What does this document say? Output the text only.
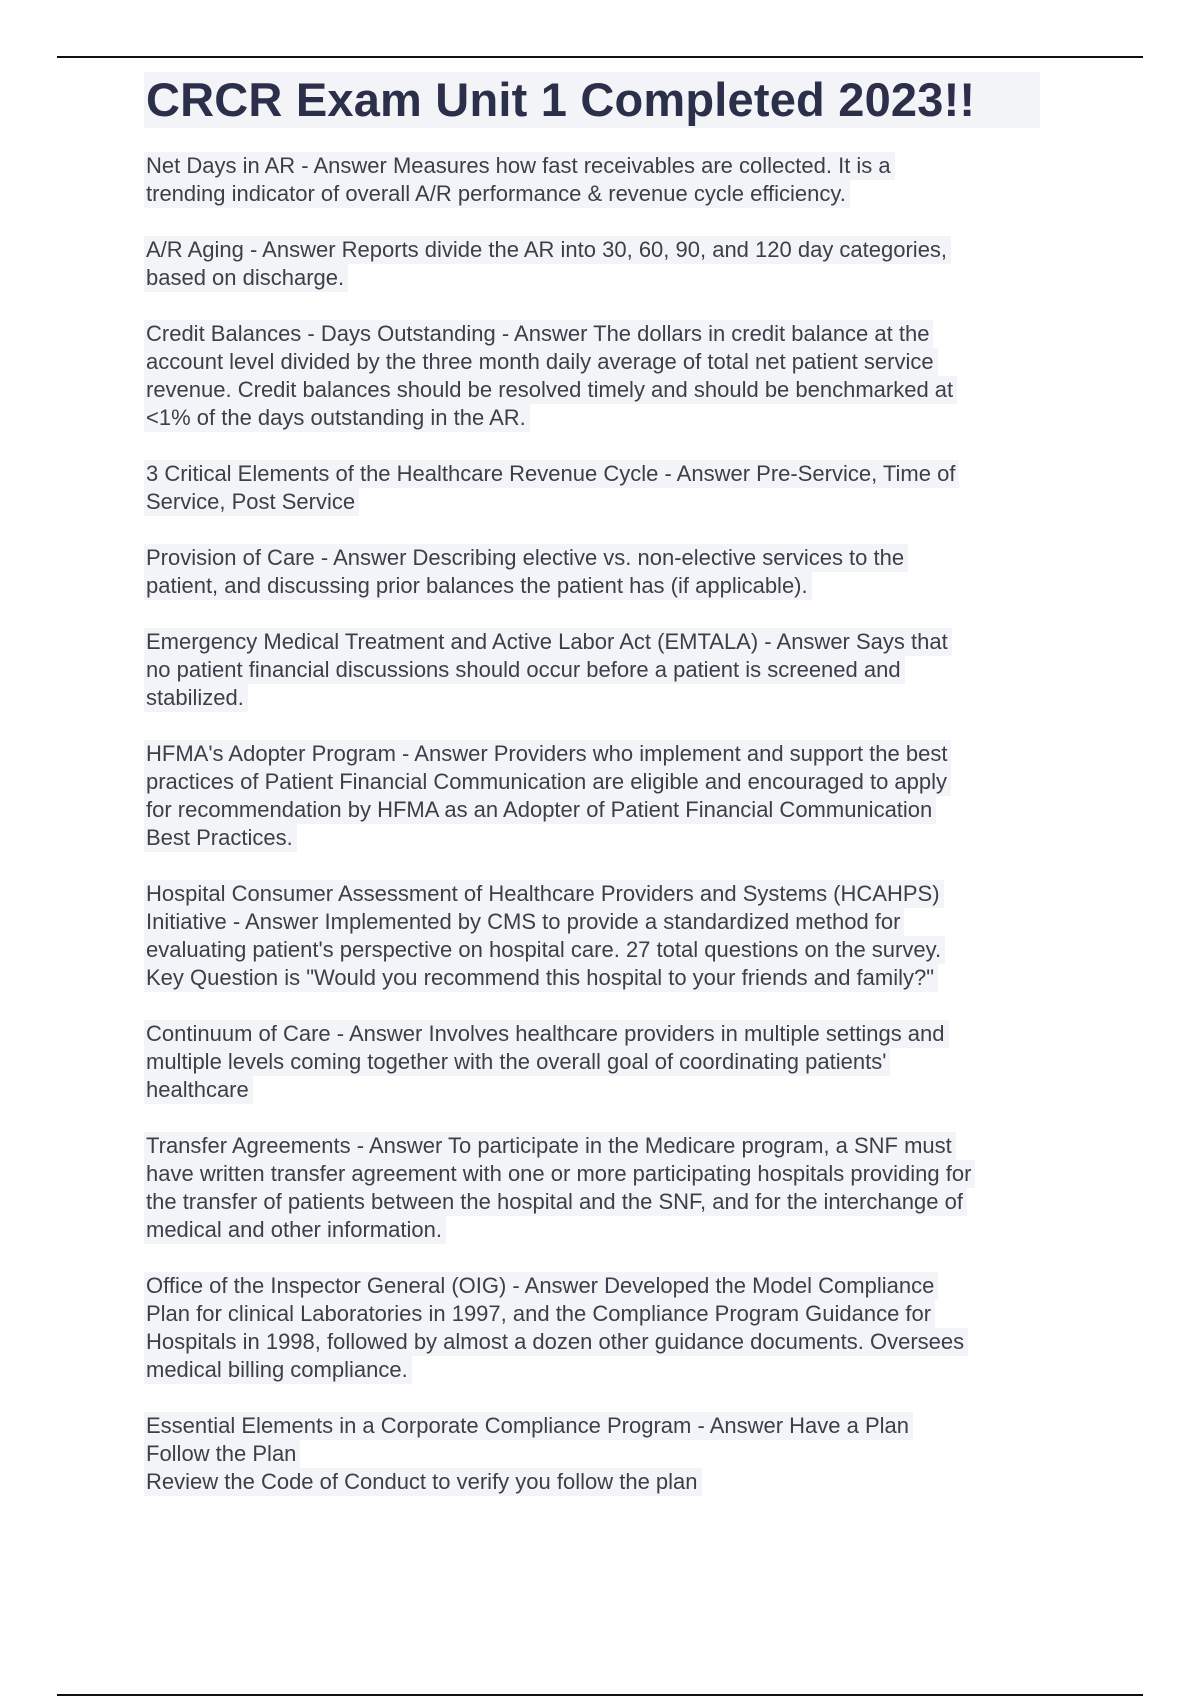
CRCR Exam Unit 1 Completed 2023!!
Net Days in AR - Answer Measures how fast receivables are collected. It is a
trending indicator of overall A/R performance & revenue cycle efficiency.
A/R Aging - Answer Reports divide the AR into 30, 60, 90, and 120 day categories,
based on discharge.
Credit Balances - Days Outstanding - Answer The dollars in credit balance at the
account level divided by the three month daily average of total net patient service
revenue. Credit balances should be resolved timely and should be benchmarked at
<1% of the days outstanding in the AR.
3 Critical Elements of the Healthcare Revenue Cycle - Answer Pre-Service, Time of
Service, Post Service
Provision of Care - Answer Describing elective vs. non-elective services to the
patient, and discussing prior balances the patient has (if applicable).
Emergency Medical Treatment and Active Labor Act (EMTALA) - Answer Says that
no patient financial discussions should occur before a patient is screened and
stabilized.
HFMA's Adopter Program - Answer Providers who implement and support the best
practices of Patient Financial Communication are eligible and encouraged to apply
for recommendation by HFMA as an Adopter of Patient Financial Communication
Best Practices.
Hospital Consumer Assessment of Healthcare Providers and Systems (HCAHPS)
Initiative - Answer Implemented by CMS to provide a standardized method for
evaluating patient's perspective on hospital care. 27 total questions on the survey.
Key Question is "Would you recommend this hospital to your friends and family?"
Continuum of Care - Answer Involves healthcare providers in multiple settings and
multiple levels coming together with the overall goal of coordinating patients'
healthcare
Transfer Agreements - Answer To participate in the Medicare program, a SNF must
have written transfer agreement with one or more participating hospitals providing for
the transfer of patients between the hospital and the SNF, and for the interchange of
medical and other information.
Office of the Inspector General (OIG) - Answer Developed the Model Compliance
Plan for clinical Laboratories in 1997, and the Compliance Program Guidance for
Hospitals in 1998, followed by almost a dozen other guidance documents. Oversees
medical billing compliance.
Essential Elements in a Corporate Compliance Program - Answer Have a Plan
Follow the Plan
Review the Code of Conduct to verify you follow the plan
